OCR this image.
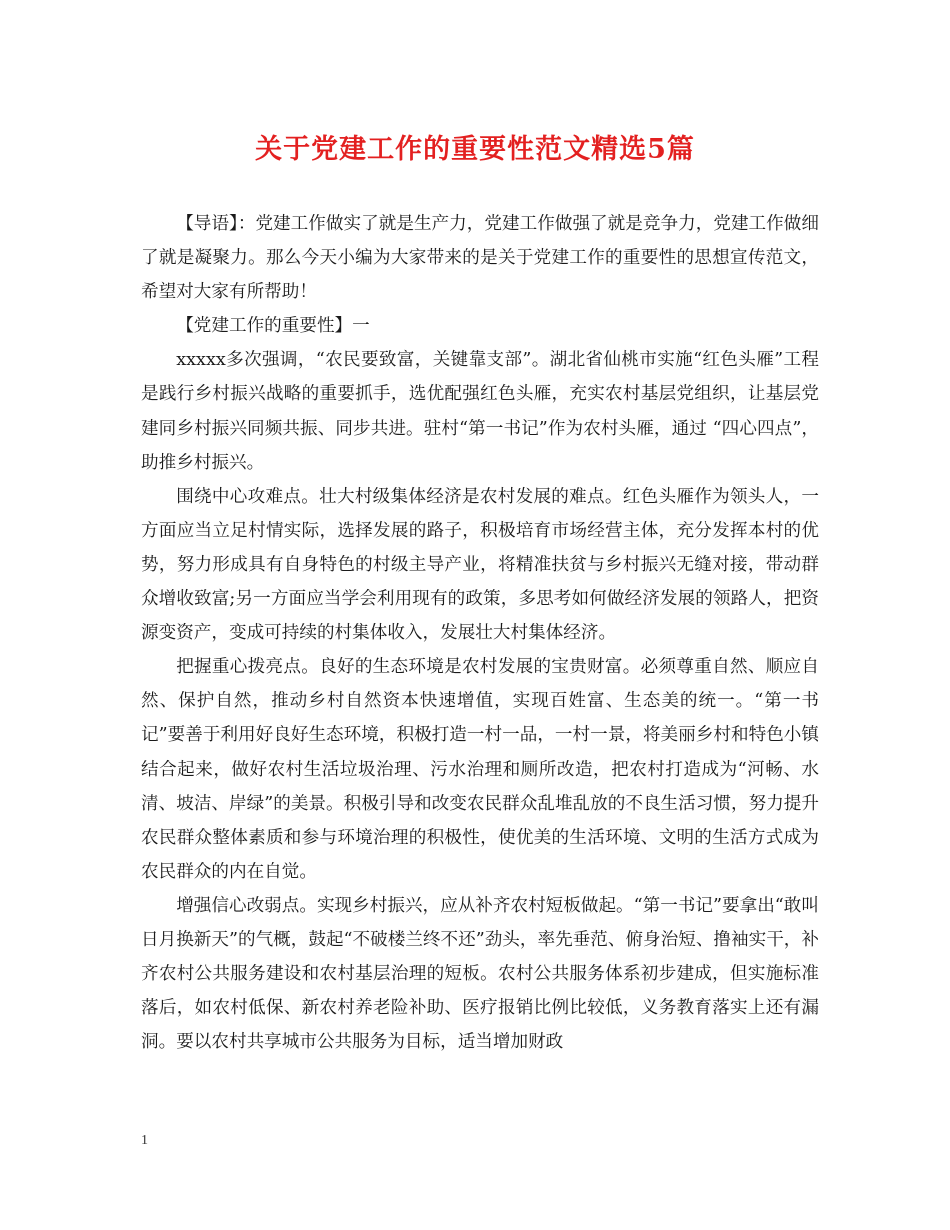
关于党建工作的重要性范文精选5篇

【导语】：党建工作做实了就是生产力，党建工作做强了就是竞争力，党建工作做细了就是凝聚力。那么今天小编为大家带来的是关于党建工作的重要性的思想宣传范文，希望对大家有所帮助！

【党建工作的重要性】一

xxxxx多次强调，“农民要致富，关键靠支部”。湖北省仙桃市实施“红色头雁”工程是践行乡村振兴战略的重要抓手，选优配强红色头雁，充实农村基层党组织，让基层党建同乡村振兴同频共振、同步共进。驻村“第一书记”作为农村头雁，通过 “四心四点”，助推乡村振兴。

围绕中心攻难点。壮大村级集体经济是农村发展的难点。红色头雁作为领头人，一方面应当立足村情实际，选择发展的路子，积极培育市场经营主体，充分发挥本村的优势，努力形成具有自身特色的村级主导产业，将精准扶贫与乡村振兴无缝对接，带动群众增收致富;另一方面应当学会利用现有的政策，多思考如何做经济发展的领路人，把资源变资产，变成可持续的村集体收入，发展壮大村集体经济。

把握重心拨亮点。良好的生态环境是农村发展的宝贵财富。必须尊重自然、顺应自然、保护自然，推动乡村自然资本快速增值，实现百姓富、生态美的统一。“第一书记”要善于利用好良好生态环境，积极打造一村一品，一村一景，将美丽乡村和特色小镇结合起来，做好农村生活垃圾治理、污水治理和厕所改造，把农村打造成为“河畅、水清、坡洁、岸绿”的美景。积极引导和改变农民群众乱堆乱放的不良生活习惯，努力提升农民群众整体素质和参与环境治理的积极性，使优美的生活环境、文明的生活方式成为农民群众的内在自觉。

增强信心改弱点。实现乡村振兴，应从补齐农村短板做起。“第一书记”要拿出“敢叫日月换新天”的气概，鼓起“不破楼兰终不还”劲头，率先垂范、俯身治短、撸袖实干，补齐农村公共服务建设和农村基层治理的短板。农村公共服务体系初步建成，但实施标准落后，如农村低保、新农村养老险补助、医疗报销比例比较低，义务教育落实上还有漏洞。要以农村共享城市公共服务为目标，适当增加财政

1
